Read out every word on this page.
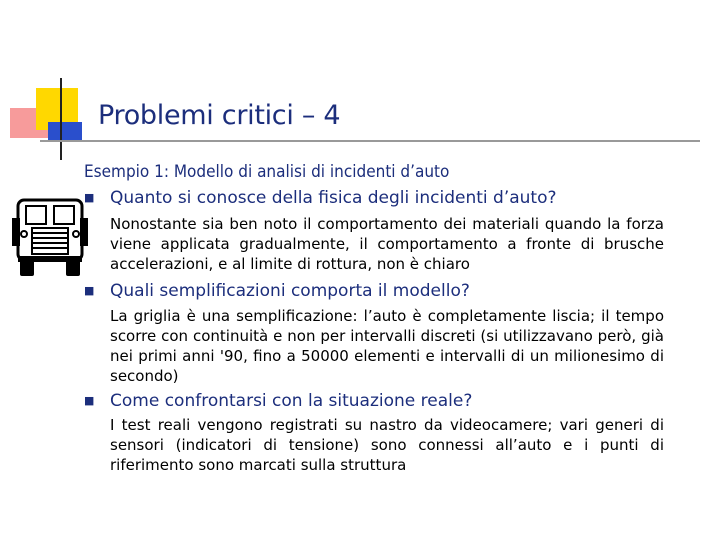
Problemi critici – 4
Esempio 1: Modello di analisi di incidenti d’auto
■ Quanto si conosce della fisica degli incidenti d’auto?
Nonostante sia ben noto il comportamento dei materiali quando la forza viene applicata gradualmente, il comportamento a fronte di brusche accelerazioni, e al limite di rottura, non è chiaro
■ Quali semplificazioni comporta il modello?
La griglia è una semplificazione: l’auto è completamente liscia; il tempo scorre con continuità e non per intervalli discreti (si utilizzavano però, già nei primi anni '90, fino a 50000 elementi e intervalli di un milionesimo di secondo)
■ Come confrontarsi con la situazione reale?
I test reali vengono registrati su nastro da videocamere; vari generi di sensori (indicatori di tensione) sono connessi all’auto e i punti di riferimento sono marcati sulla struttura
